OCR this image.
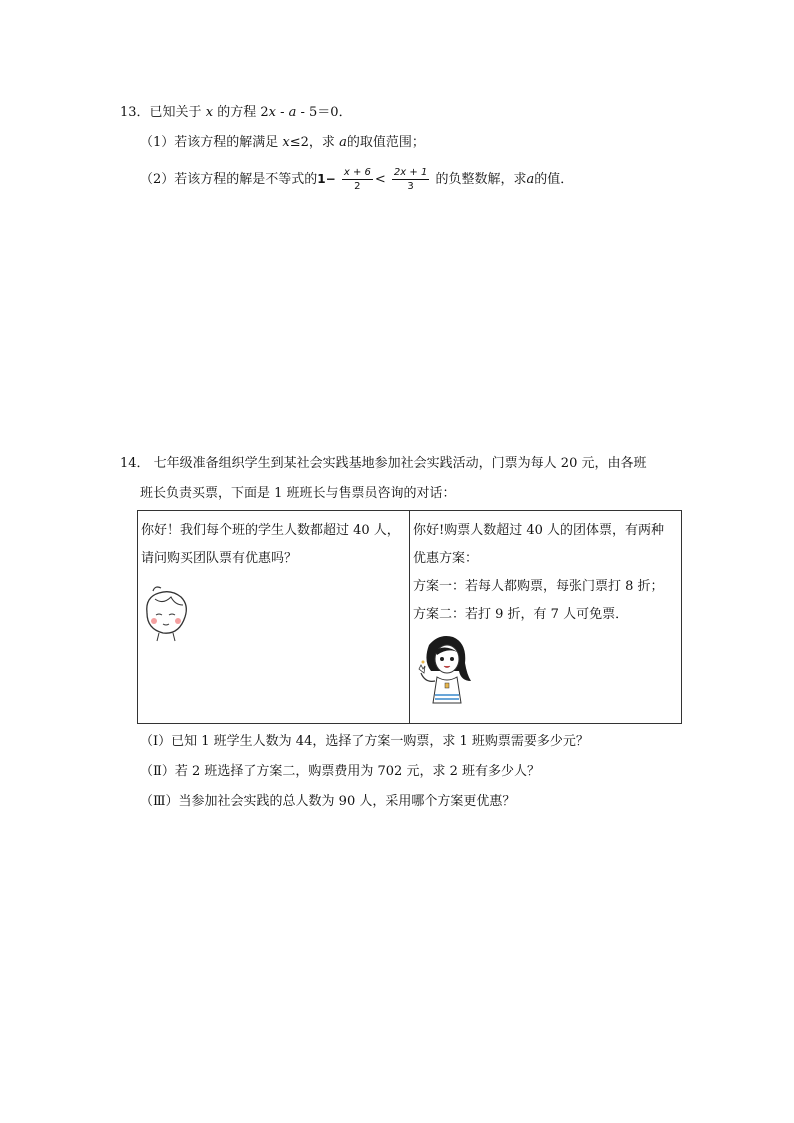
13．已知关于 x 的方程 2x - a - 5＝0．
（1）若该方程的解满足 x≤2，求 a的取值范围；
（2）若该方程的解是不等式的$1- \frac{x + 6}{2} < \frac{2x + 1}{3}$ 的负整数解，求a的值．
14． 七年级准备组织学生到某社会实践基地参加社会实践活动，门票为每人 20 元，由各班
班长负责买票，下面是 1 班班长与售票员咨询的对话：
你好！我们每个班的学生人数都超过 40 人，
请问购买团队票有优惠吗？

你好!购票人数超过 40 人的团体票，有两种
优惠方案：
方案一：若每人都购票，每张门票打 8 折；
方案二：若打 9 折，有 7 人可免票．
（Ⅰ）已知 1 班学生人数为 44，选择了方案一购票，求 1 班购票需要多少元？
（Ⅱ）若 2 班选择了方案二，购票费用为 702 元，求 2 班有多少人？
（Ⅲ）当参加社会实践的总人数为 90 人，采用哪个方案更优惠？
